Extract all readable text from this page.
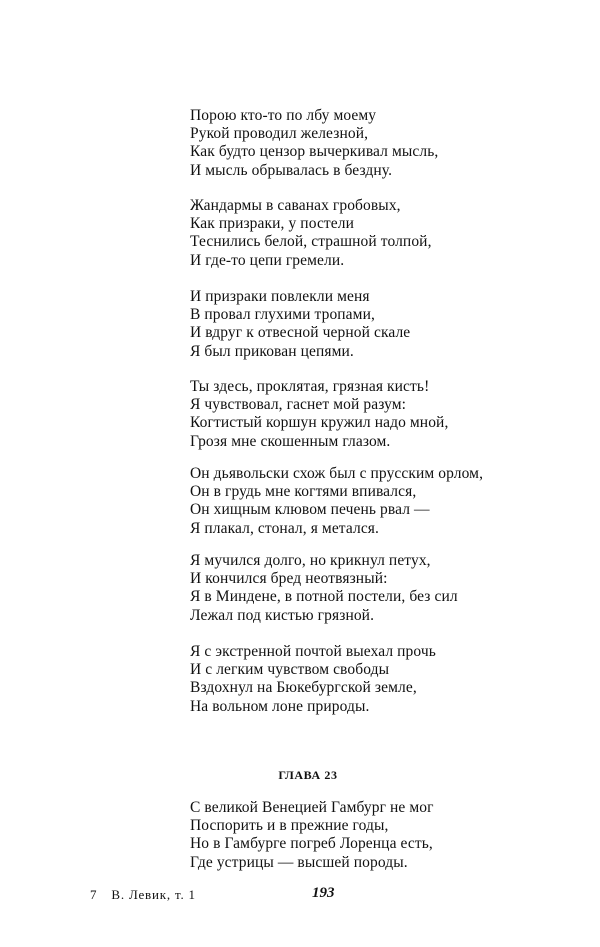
Порою кто-то по лбу моему
Рукой проводил железной,
Как будто цензор вычеркивал мысль,
И мысль обрывалась в бездну.
Жандармы в саванах гробовых,
Как призраки, у постели
Теснились белой, страшной толпой,
И где-то цепи гремели.
И призраки повлекли меня
В провал глухими тропами,
И вдруг к отвесной черной скале
Я был прикован цепями.
Ты здесь, проклятая, грязная кисть!
Я чувствовал, гаснет мой разум:
Когтистый коршун кружил надо мной,
Грозя мне скошенным глазом.
Он дьявольски схож был с прусским орлом,
Он в грудь мне когтями впивался,
Он хищным клювом печень рвал —
Я плакал, стонал, я метался.
Я мучился долго, но крикнул петух,
И кончился бред неотвязный:
Я в Миндене, в потной постели, без сил
Лежал под кистью грязной.
Я с экстренной почтой выехал прочь
И с легким чувством свободы
Вздохнул на Бюкебургской земле,
На вольном лоне природы.
ГЛАВА 23
С великой Венецией Гамбург не мог
Поспорить и в прежние годы,
Но в Гамбурге погреб Лоренца есть,
Где устрицы — высшей породы.
7 В. Левик, т. 1	193
